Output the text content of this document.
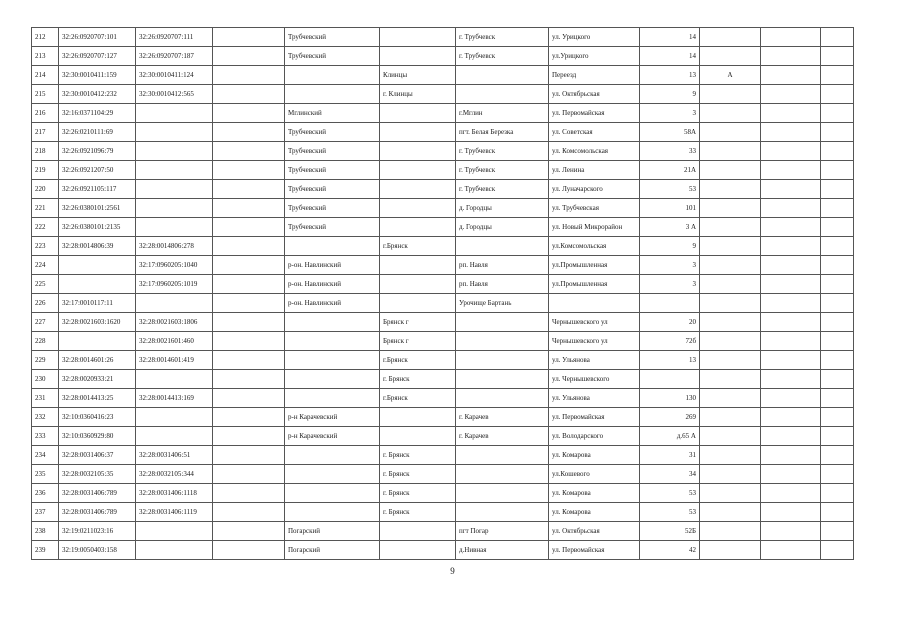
212	32:26:0920707:101	32:26:0920707:111		Трубчевский		г. Трубчевск	ул. Урицкого	14			
213	32:26:0920707:127	32:26:0920707:187		Трубчевский		г. Трубчевск	ул.Урицкого	14			
214	32:30:0010411:159	32:30:0010411:124			Клинцы		Переезд	13	А		
215	32:30:0010412:232	32:30:0010412:565			г. Клинцы		ул. Октябрьская	9			
216	32:16:0371104:29			Мглинский		г.Мглин	ул. Первомайская	3			
217	32:26:0210111:69			Трубчевский		пгт. Белая Березка	ул. Советская	58А			
218	32:26:0921096:79			Трубчевский		г. Трубчевск	ул. Комсомольская	33			
219	32:26:0921207:50			Трубчевский		г. Трубчевск	ул. Ленина	21А			
220	32:26:0921105:117			Трубчевский		г. Трубчевск	ул. Луначарского	53			
221	32:26:0380101:2561			Трубчевский		д. Городцы	ул. Трубчевская	101			
222	32:26:0380101:2135			Трубчевский		д. Городцы	ул. Новый Микрорайон	3 А			
223	32:28:0014806:39	32:28:0014806:278			г.Брянск		ул.Комсомольская	9			
224		32:17:0960205:1040		р-он. Навлинский		рп. Навля	ул.Промышленная	3			
225		32:17:0960205:1019		р-он. Навлинский		рп. Навля	ул.Промышленная	3			
226	32:17:0010117:11			р-он. Навлинский		Урочище Бартань					
227	32:28:0021603:1620	32:28:0021603:1806			Брянск г		Чернышевского ул	20			
228		32:28:0021601:460			Брянск г		Чернышевского ул	72б			
229	32:28:0014601:26	32:28:0014601:419			г.Брянск		ул. Ульянова	13			
230	32:28:0020933:21				г. Брянск		ул. Чернышевского				
231	32:28:0014413:25	32:28:0014413:169			г.Брянск		ул. Ульянова	130			
232	32:10:0360416:23			р-н Карачевский		г. Карачев	ул. Первомайская	269			
233	32:10:0360929:80			р-н Карачевский		г. Карачев	ул. Володарского	д.65 А			
234	32:28:0031406:37	32:28:0031406:51			г. Брянск		ул. Комарова	31			
235	32:28:0032105:35	32:28:0032105:344			г. Брянск		ул.Кошевого	34			
236	32:28:0031406:789	32:28:0031406:1118			г. Брянск		ул. Комарова	53			
237	32:28:0031406:789	32:28:0031406:1119			г. Брянск		ул. Комарова	53			
238	32:19:0211023:16			Погарский		пгт Погар	ул. Октябрьская	52Б			
239	32:19:0050403:158			Погарский		д.Нивная	ул. Первомайская	42			
9
